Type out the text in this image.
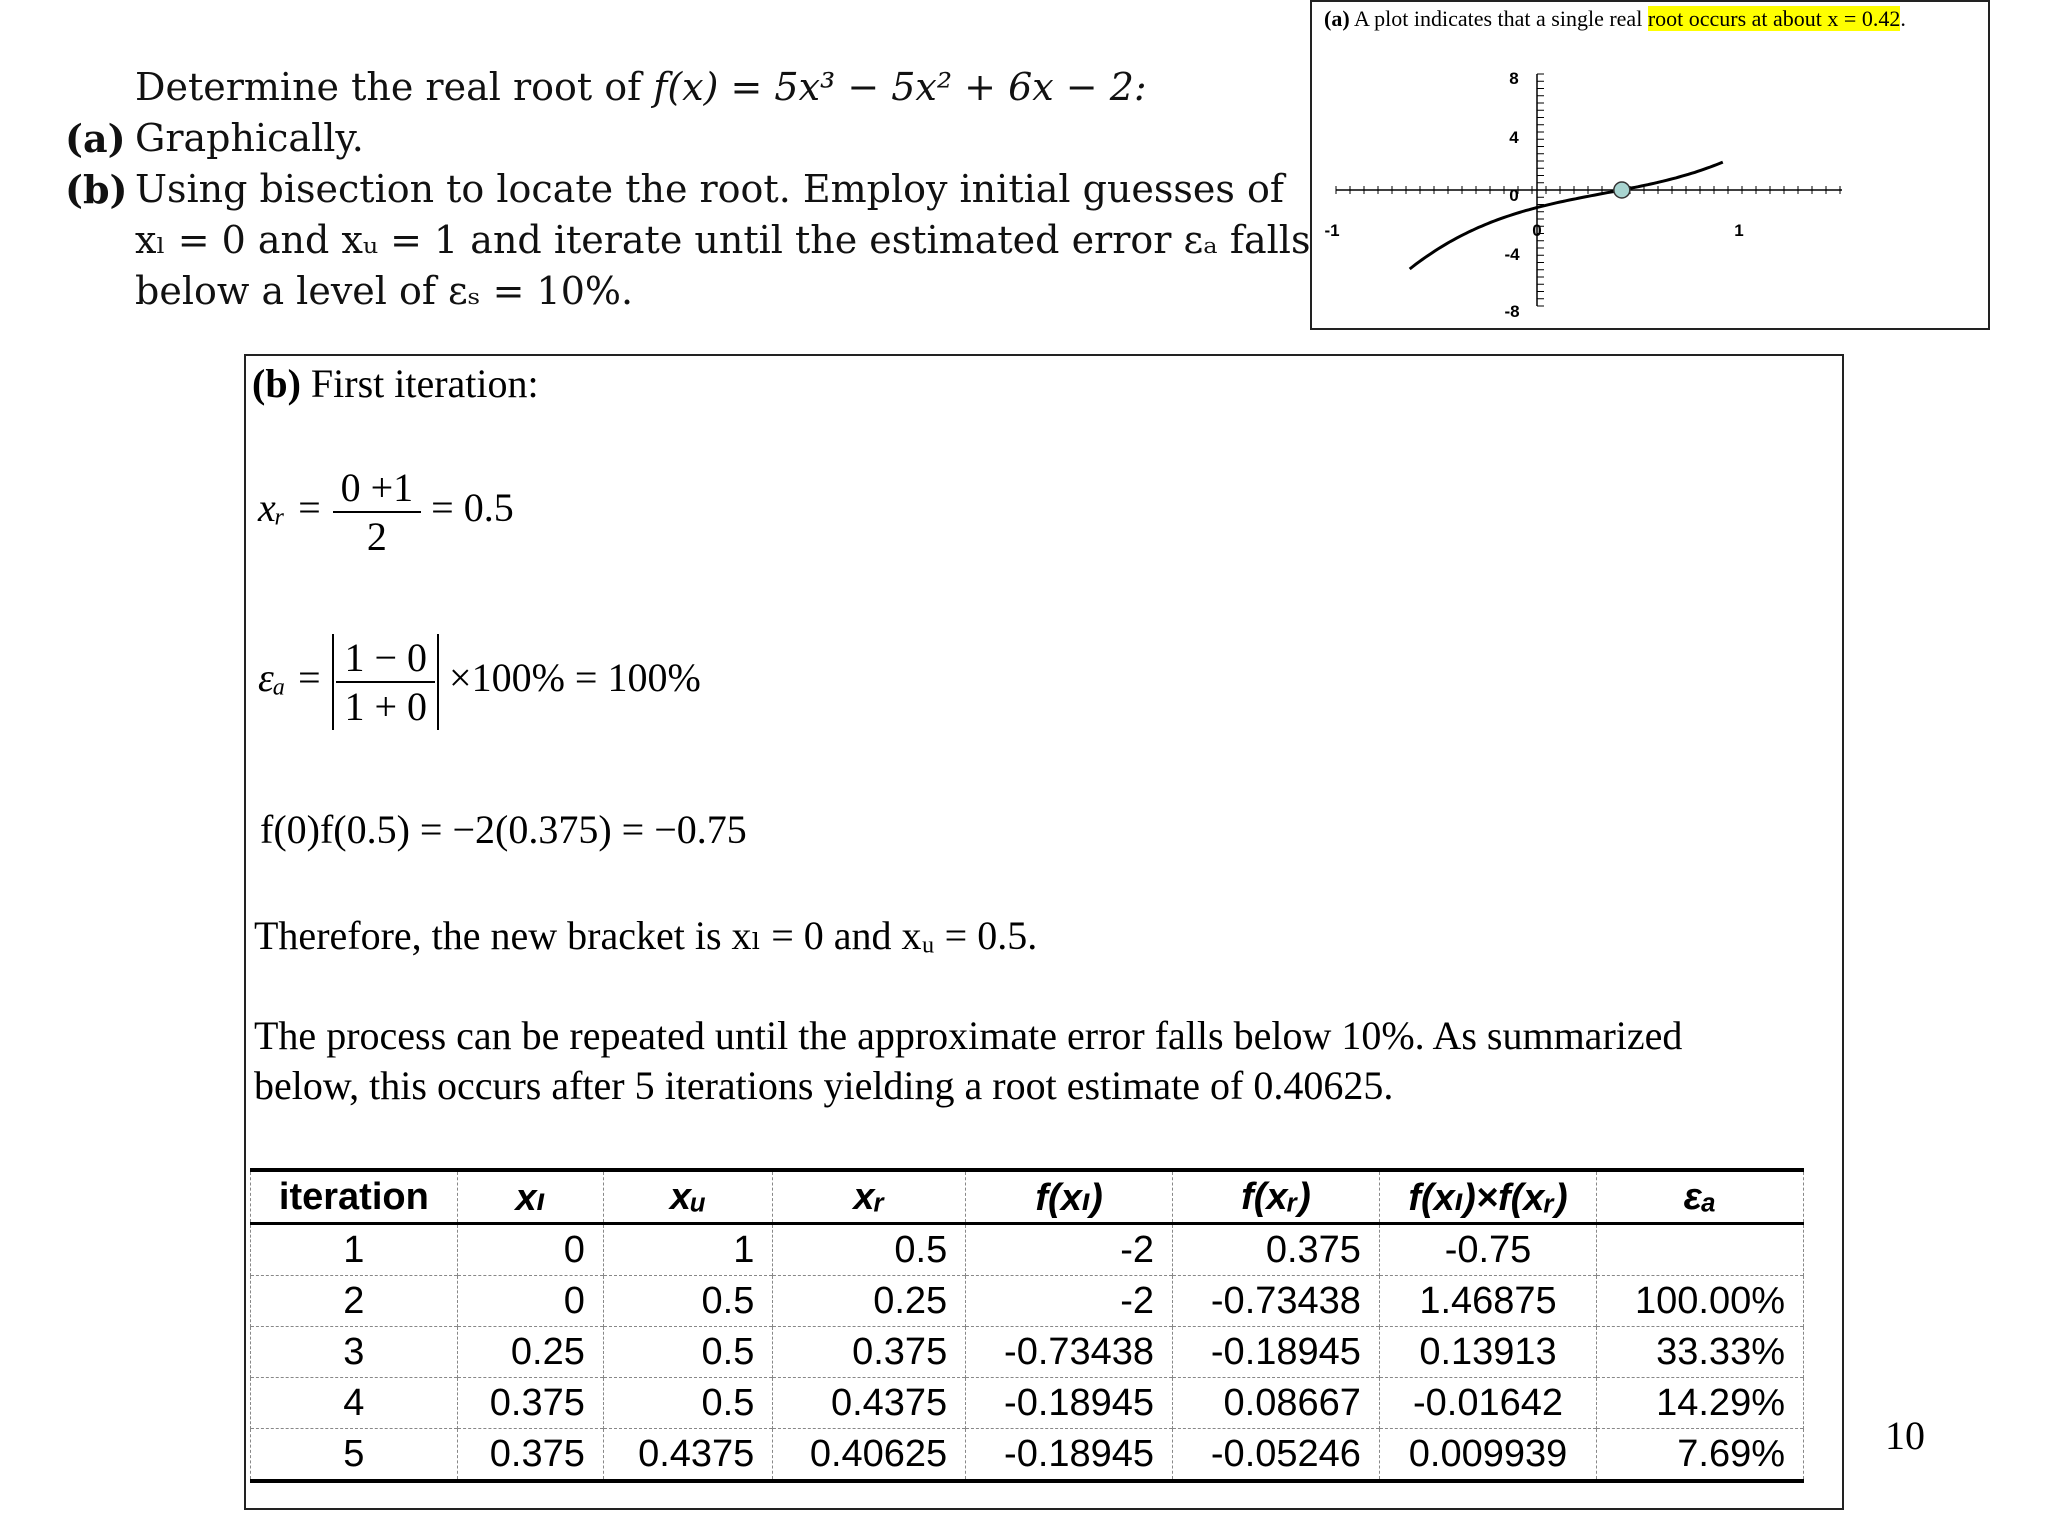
Determine the real root of f(x) = 5x³ − 5x² + 6x − 2:
(a) Graphically.
(b) Using bisection to locate the root. Employ initial guesses of
xₗ = 0 and xᵤ = 1 and iterate until the estimated error εₐ falls
below a level of εₛ = 10%.
(a) A plot indicates that a single real root occurs at about x = 0.42.
8
4
0
-4
-8
-1	0	1
(b) First iteration:
xᵣ = $\frac{0 +1}{2} = 0.5$
$\varepsilon_a = \frac{1 - 0}{1 + 0} \times 100\% = 100\%$
f(0)f(0.5) = −2(0.375) = −0.75
Therefore, the new bracket is xₗ = 0 and xᵤ = 0.5.
The process can be repeated until the approximate error falls below 10%. As summarized
below, this occurs after 5 iterations yielding a root estimate of 0.40625.
iteration	xₗ	xᵤ	xᵣ	f(xₗ)	f(xᵣ)	f(xₗ)×f(xᵣ)	εₐ
1	0	1	0.5	-2	0.375	-0.75	
2	0	0.5	0.25	-2	-0.73438	1.46875	100.00%
3	0.25	0.5	0.375	-0.73438	-0.18945	0.13913	33.33%
4	0.375	0.5	0.4375	-0.18945	0.08667	-0.01642	14.29%
5	0.375	0.4375	0.40625	-0.18945	-0.05246	0.009939	7.69%	10
